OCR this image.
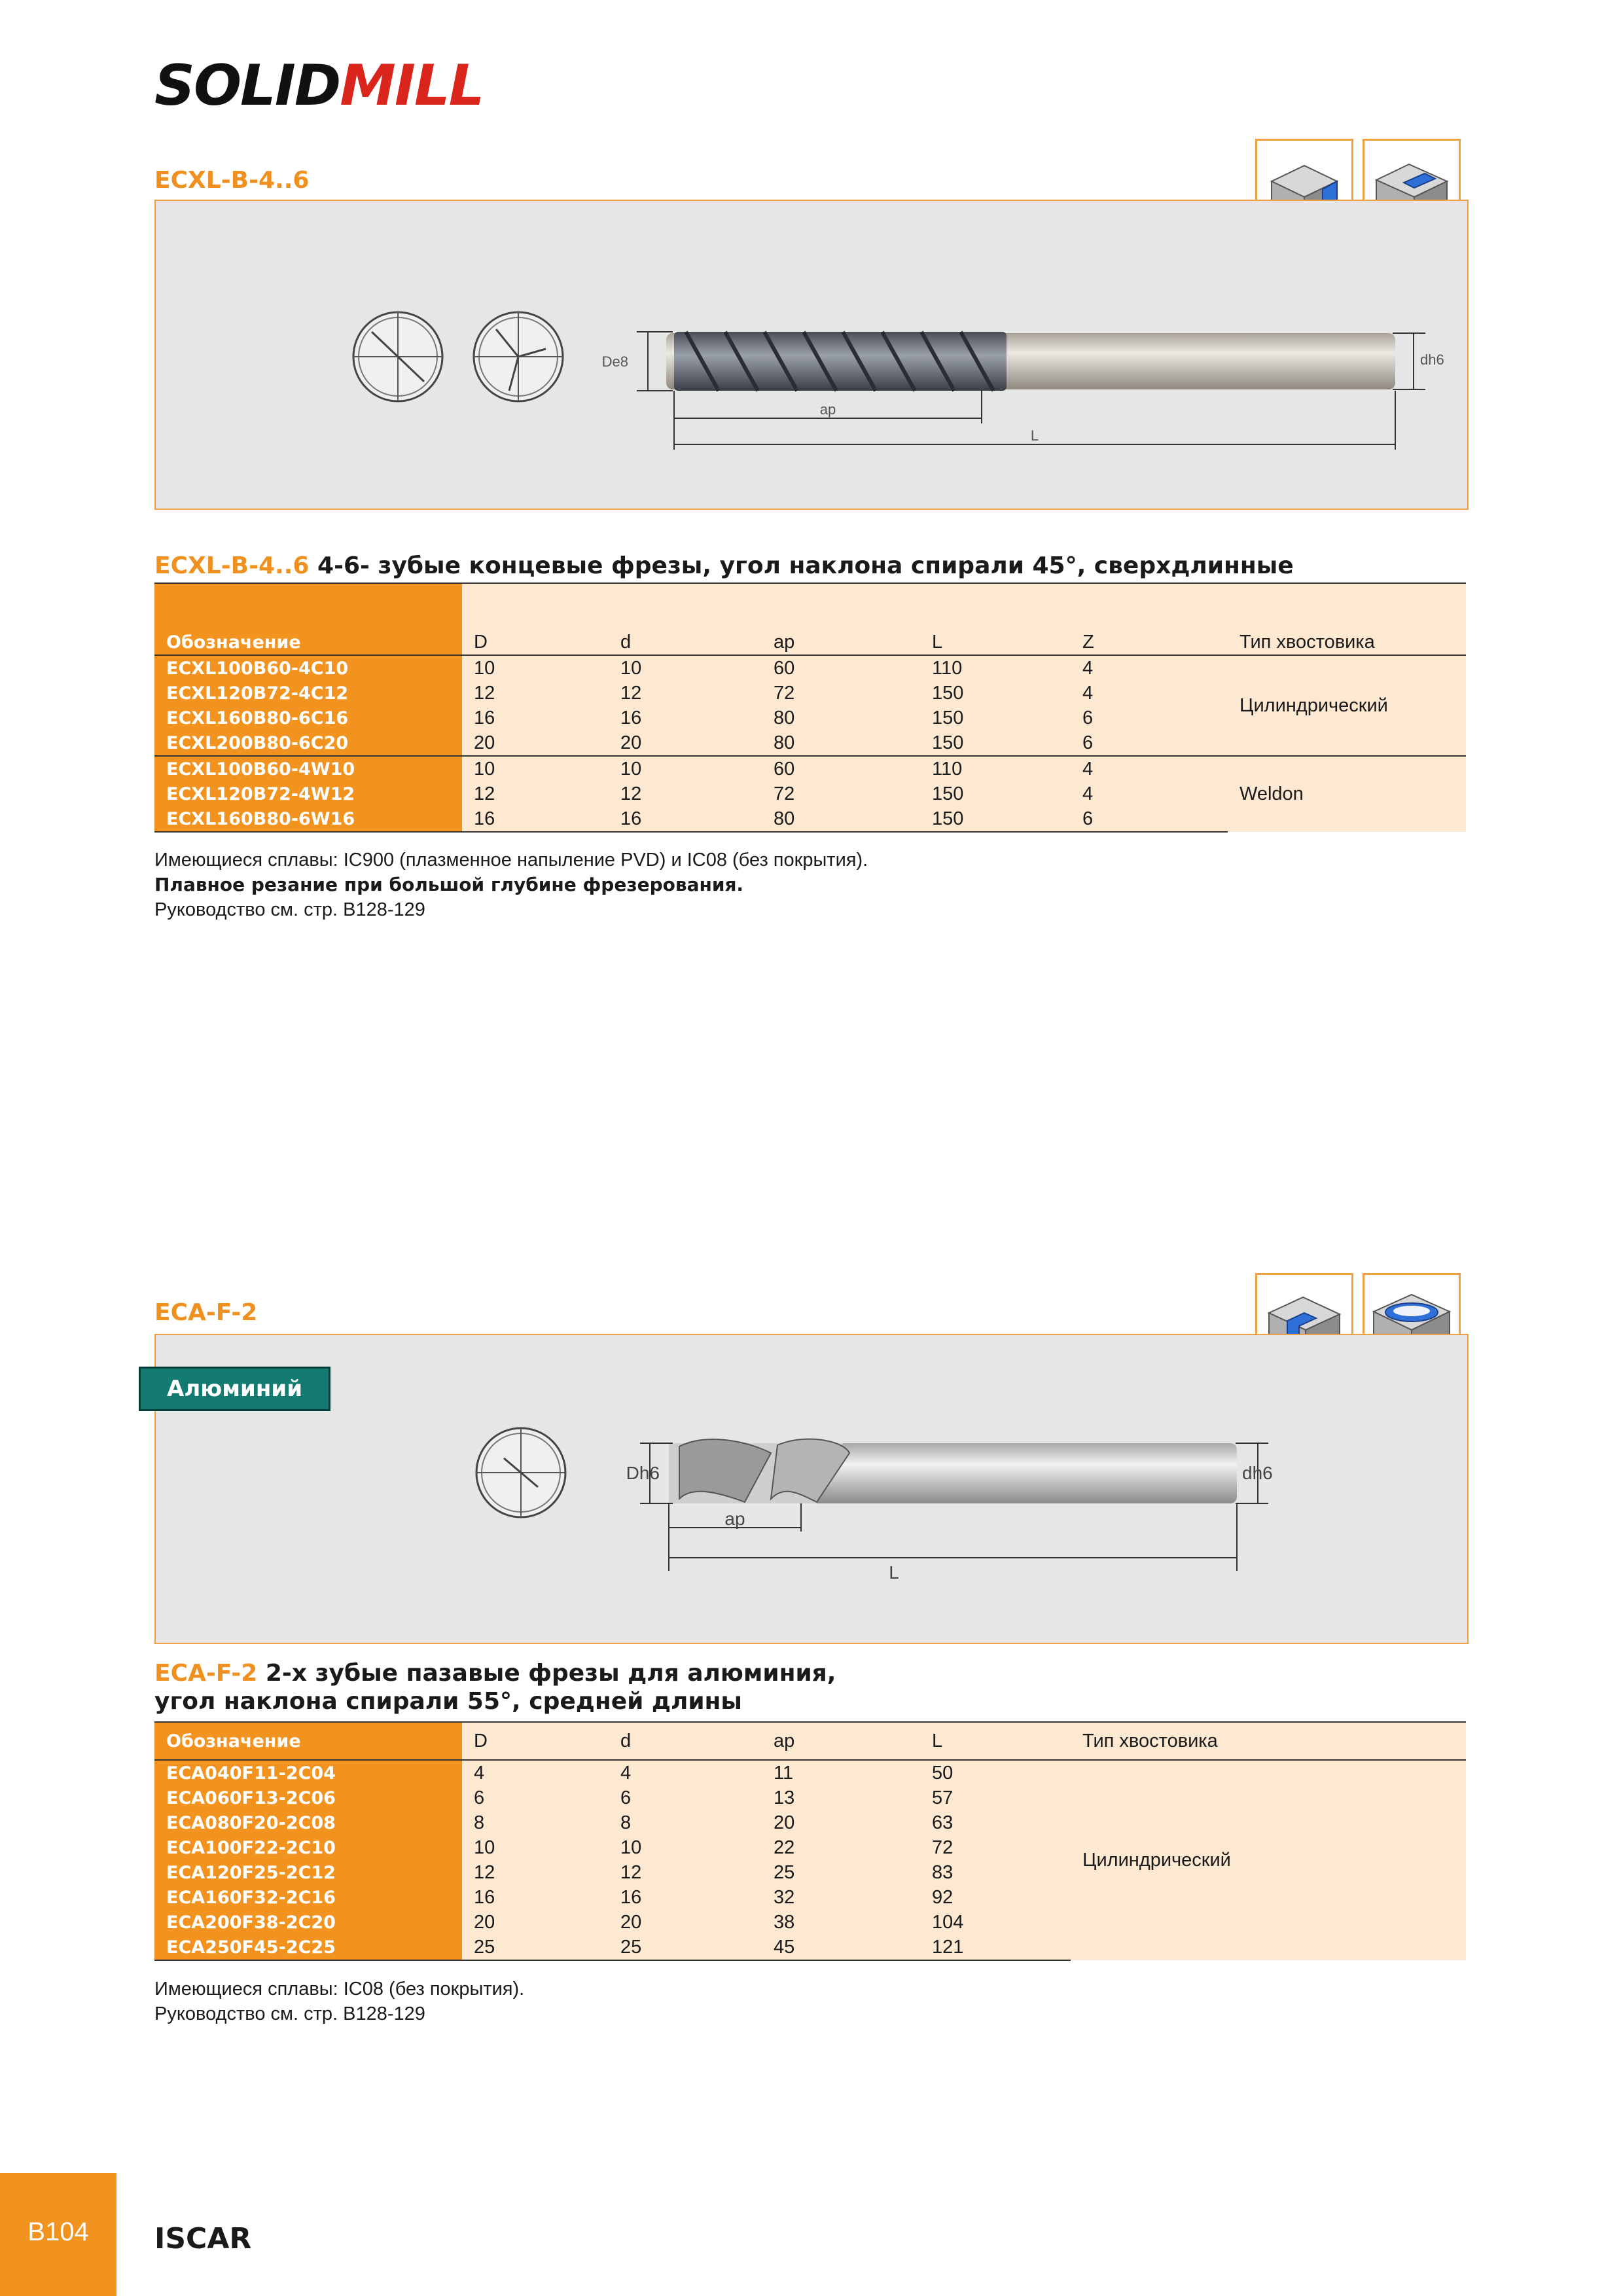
SOLIDMILL
ECXL-B-4..6
De8	dh6
ap
L
ECXL-B-4..6 4-6- зубые концевые фрезы, угол наклона спирали 45°, сверхдлинные

Обозначение	D	d	ap	L	Z	Тип хвостовика
ECXL100B60-4C10	10	10	60	110	4	Цилиндрический
ECXL120B72-4C12	12	12	72	150	4	
ECXL160B80-6C16	16	16	80	150	6	
ECXL200B80-6C20	20	20	80	150	6	
ECXL100B60-4W10	10	10	60	110	4	Weldon
ECXL120B72-4W12	12	12	72	150	4	
ECXL160B80-6W16	16	16	80	150	6	
Имеющиеся сплавы: IC900 (плазменное напыление PVD) и IC08 (без покрытия).
Плавное резание при большой глубине фрезерования.
Руководство см. стр. B128-129
ECA-F-2
Dh6	dh6
ap
L
Алюминий
ECA-F-2 2-х зубые пазавые фрезы для алюминия,
угол наклона спирали 55°, средней длины
Обозначение	D	d	ap	L	Тип хвостовика
ECA040F11-2C04	4	4	11	50	Цилиндрический
ECA060F13-2C06	6	6	13	57	
ECA080F20-2C08	8	8	20	63	
ECA100F22-2C10	10	10	22	72	
ECA120F25-2C12	12	12	25	83	
ECA160F32-2C16	16	16	32	92	
ECA200F38-2C20	20	20	38	104	
ECA250F45-2C25	25	25	45	121	
Имеющиеся сплавы: IC08 (без покрытия).
Руководство см. стр. B128-129
B104	ISCAR
